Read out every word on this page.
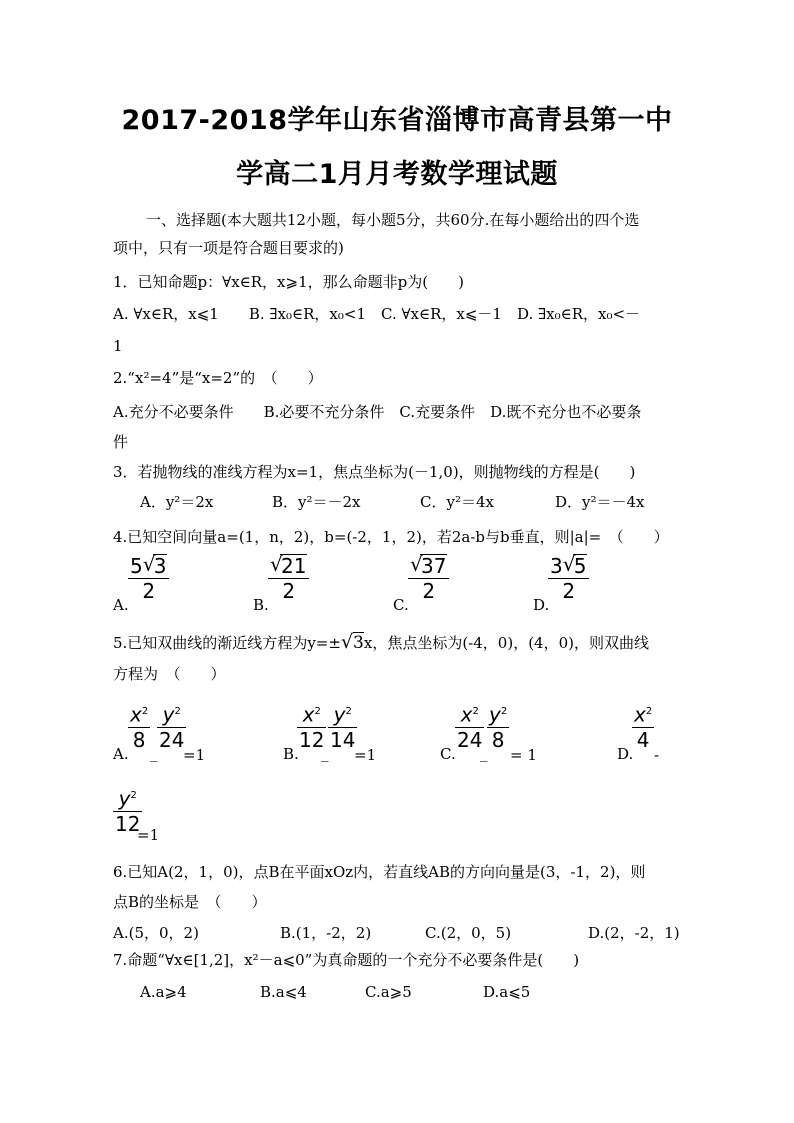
2017-2018学年山东省淄博市高青县第一中
学高二1月月考数学理试题
一、选择题(本大题共12小题，每小题5分，共60分.在每小题给出的四个选
项中，只有一项是符合题目要求的)
1．已知命题p：∀x∈R，x⩾1，那么命题非p为(　　)
A. ∀x∈R，x⩽1　　B. ∃x₀∈R，x₀<1　C. ∀x∈R，x⩽－1　D. ∃x₀∈R，x₀<－
1
2.“x²=4”是“x=2”的　（　　）
A.充分不必要条件　　B.必要不充分条件　C.充要条件　D.既不充分也不必要条
件
3．若抛物线的准线方程为x=1，焦点坐标为(－1,0)，则抛物线的方程是(　　)
A．y²＝2x	B．y²＝－2x	C．y²＝4x	D．y²＝－4x
4.已知空间向量a=(1，n，2)，b=(-2，1，2)，若2a-b与b垂直，则|a|=　（　　）
A.
5 √
3
2
B.
√
21
2
C.
√
37
2
D.
3 √
5
2
5.已知双曲线的渐近线方程为y=±√3x，焦点坐标为(-4，0)，(4，0)，则双曲线
方程为　（　　）
A.
$\frac{x^2}{8}$
_
$\frac{y^2}{24}$
=1	B.
$\frac{x^2}{12}$
_
$\frac{y^2}{14}$
=1	C.
$\frac{x^2}{24}$
_
$\frac{y^2}{8}$
= 1	D.
$\frac{x^2}{4}$
-
$\frac{y^2}{12}$
=1
6.已知A(2，1，0)，点B在平面xOz内，若直线AB的方向向量是(3，-1，2)，则
点B的坐标是　（　　）
A.(5，0，2)	B.(1，-2，2)	C.(2，0，5)	D.(2，-2，1)
7.命题“∀x∈[1,2]，x²－a⩽0”为真命题的一个充分不必要条件是(　　)
A.a⩾4	B.a⩽4	C.a⩾5	D.a⩽5
